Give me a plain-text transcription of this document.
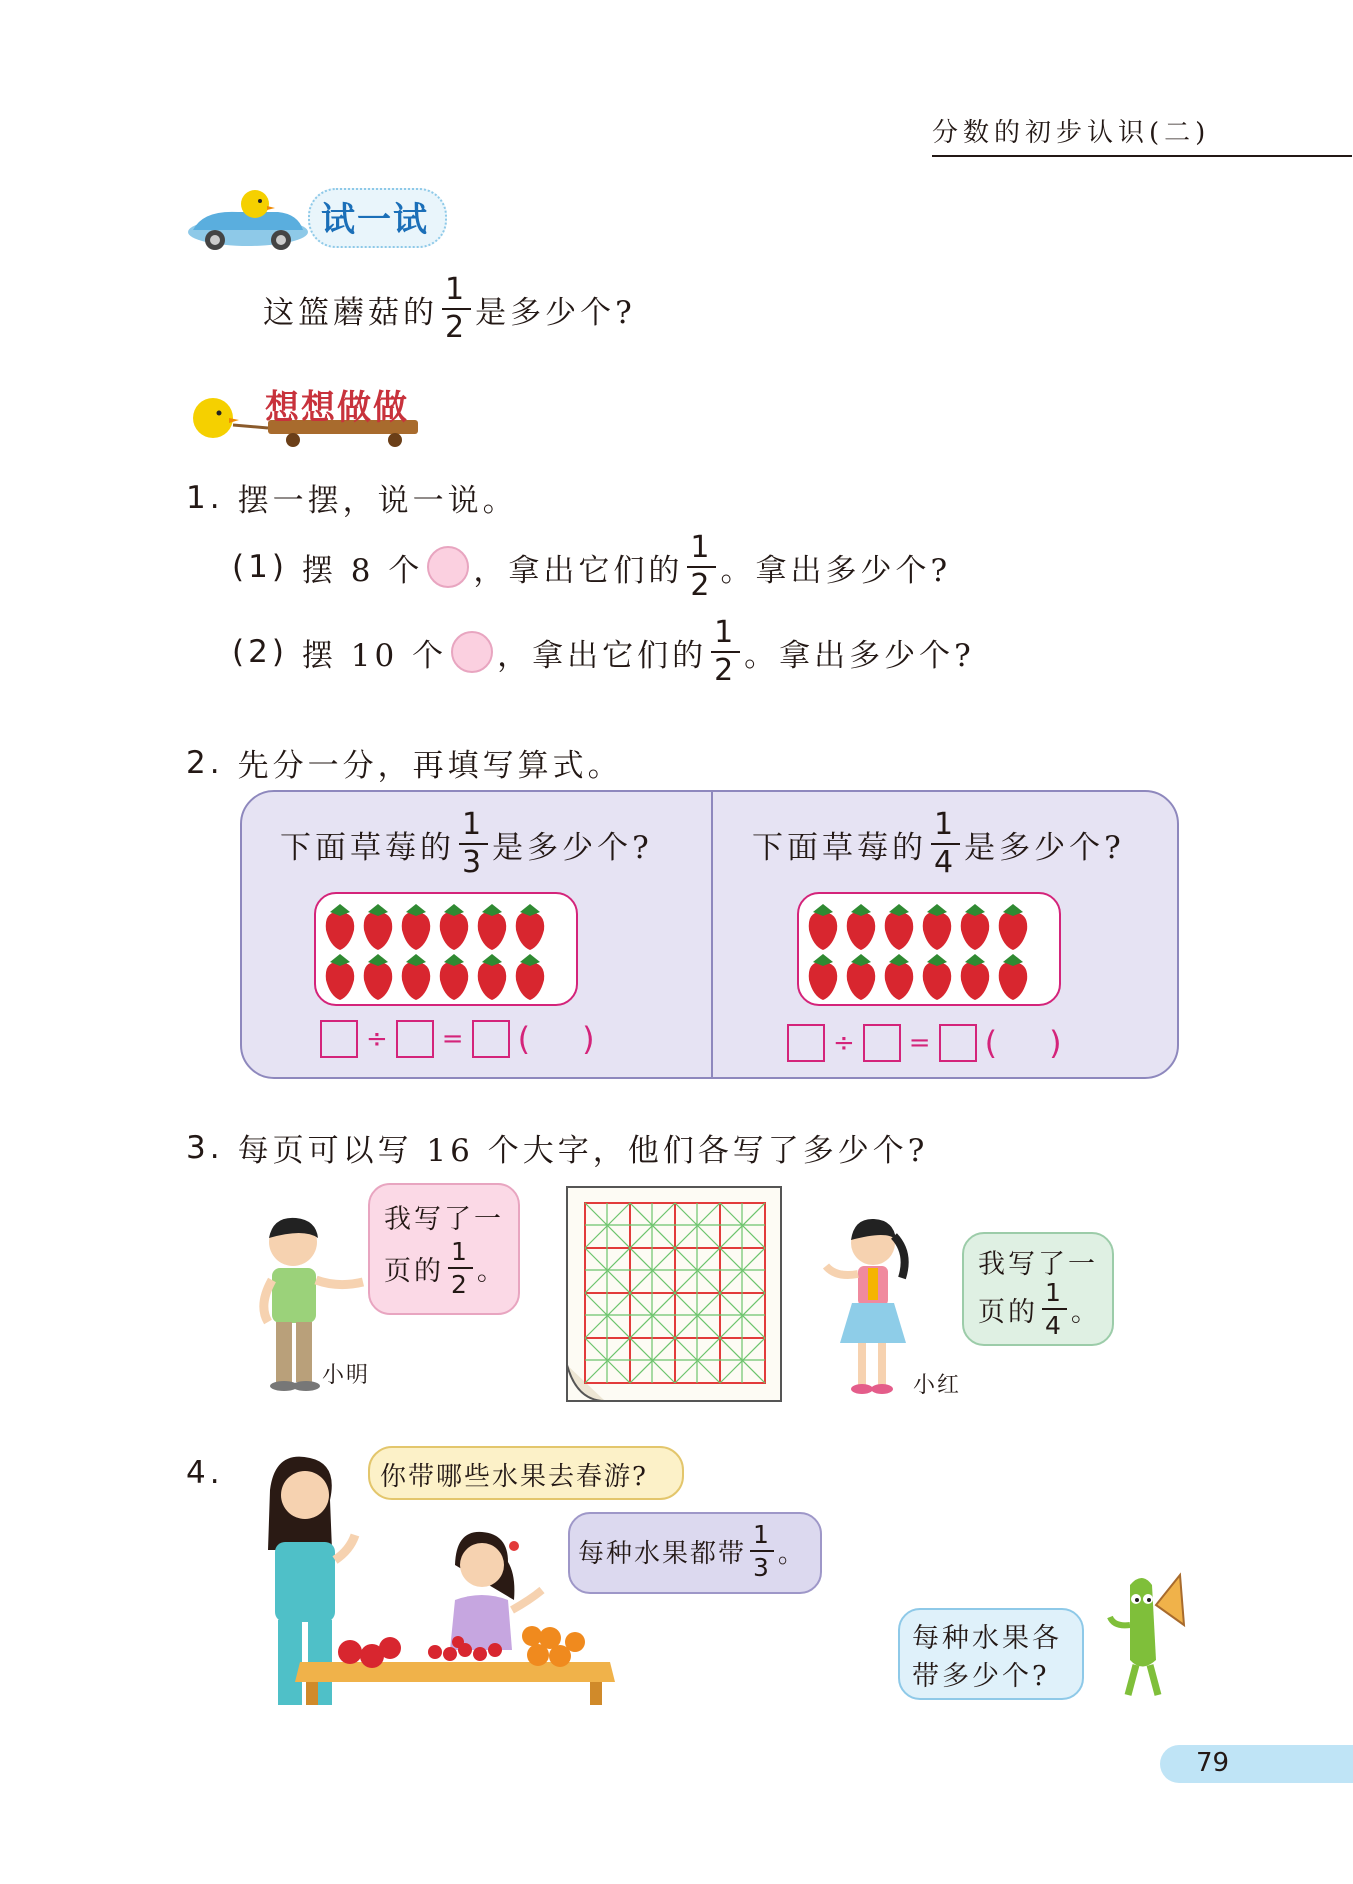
分数的初步认识(二)
试一试
这篮蘑菇的 $\frac{1}{2}$ 是多少个?
想想做做
1. 摆一摆，说一说。
(1) 摆 8 个 ，拿出它们的 $\frac{1}{2}$ 。拿出多少个?
(2) 摆 10 个 ，拿出它们的 $\frac{1}{2}$ 。拿出多少个?
2. 先分一分，再填写算式。
下面草莓的 $\frac{1}{3}$ 是多少个?
÷ = ( )
下面草莓的 $\frac{1}{4}$ 是多少个?
÷ = ( )
3. 每页可以写 16 个大字，他们各写了多少个?
小明
我写了一
页的 $\frac{1}{2}$ 。
小红
我写了一
页的 $\frac{1}{4}$ 。
4.	你带哪些水果去春游?
每种水果都带 $\frac{1}{3}$ 。
每种水果各
带多少个?
79
